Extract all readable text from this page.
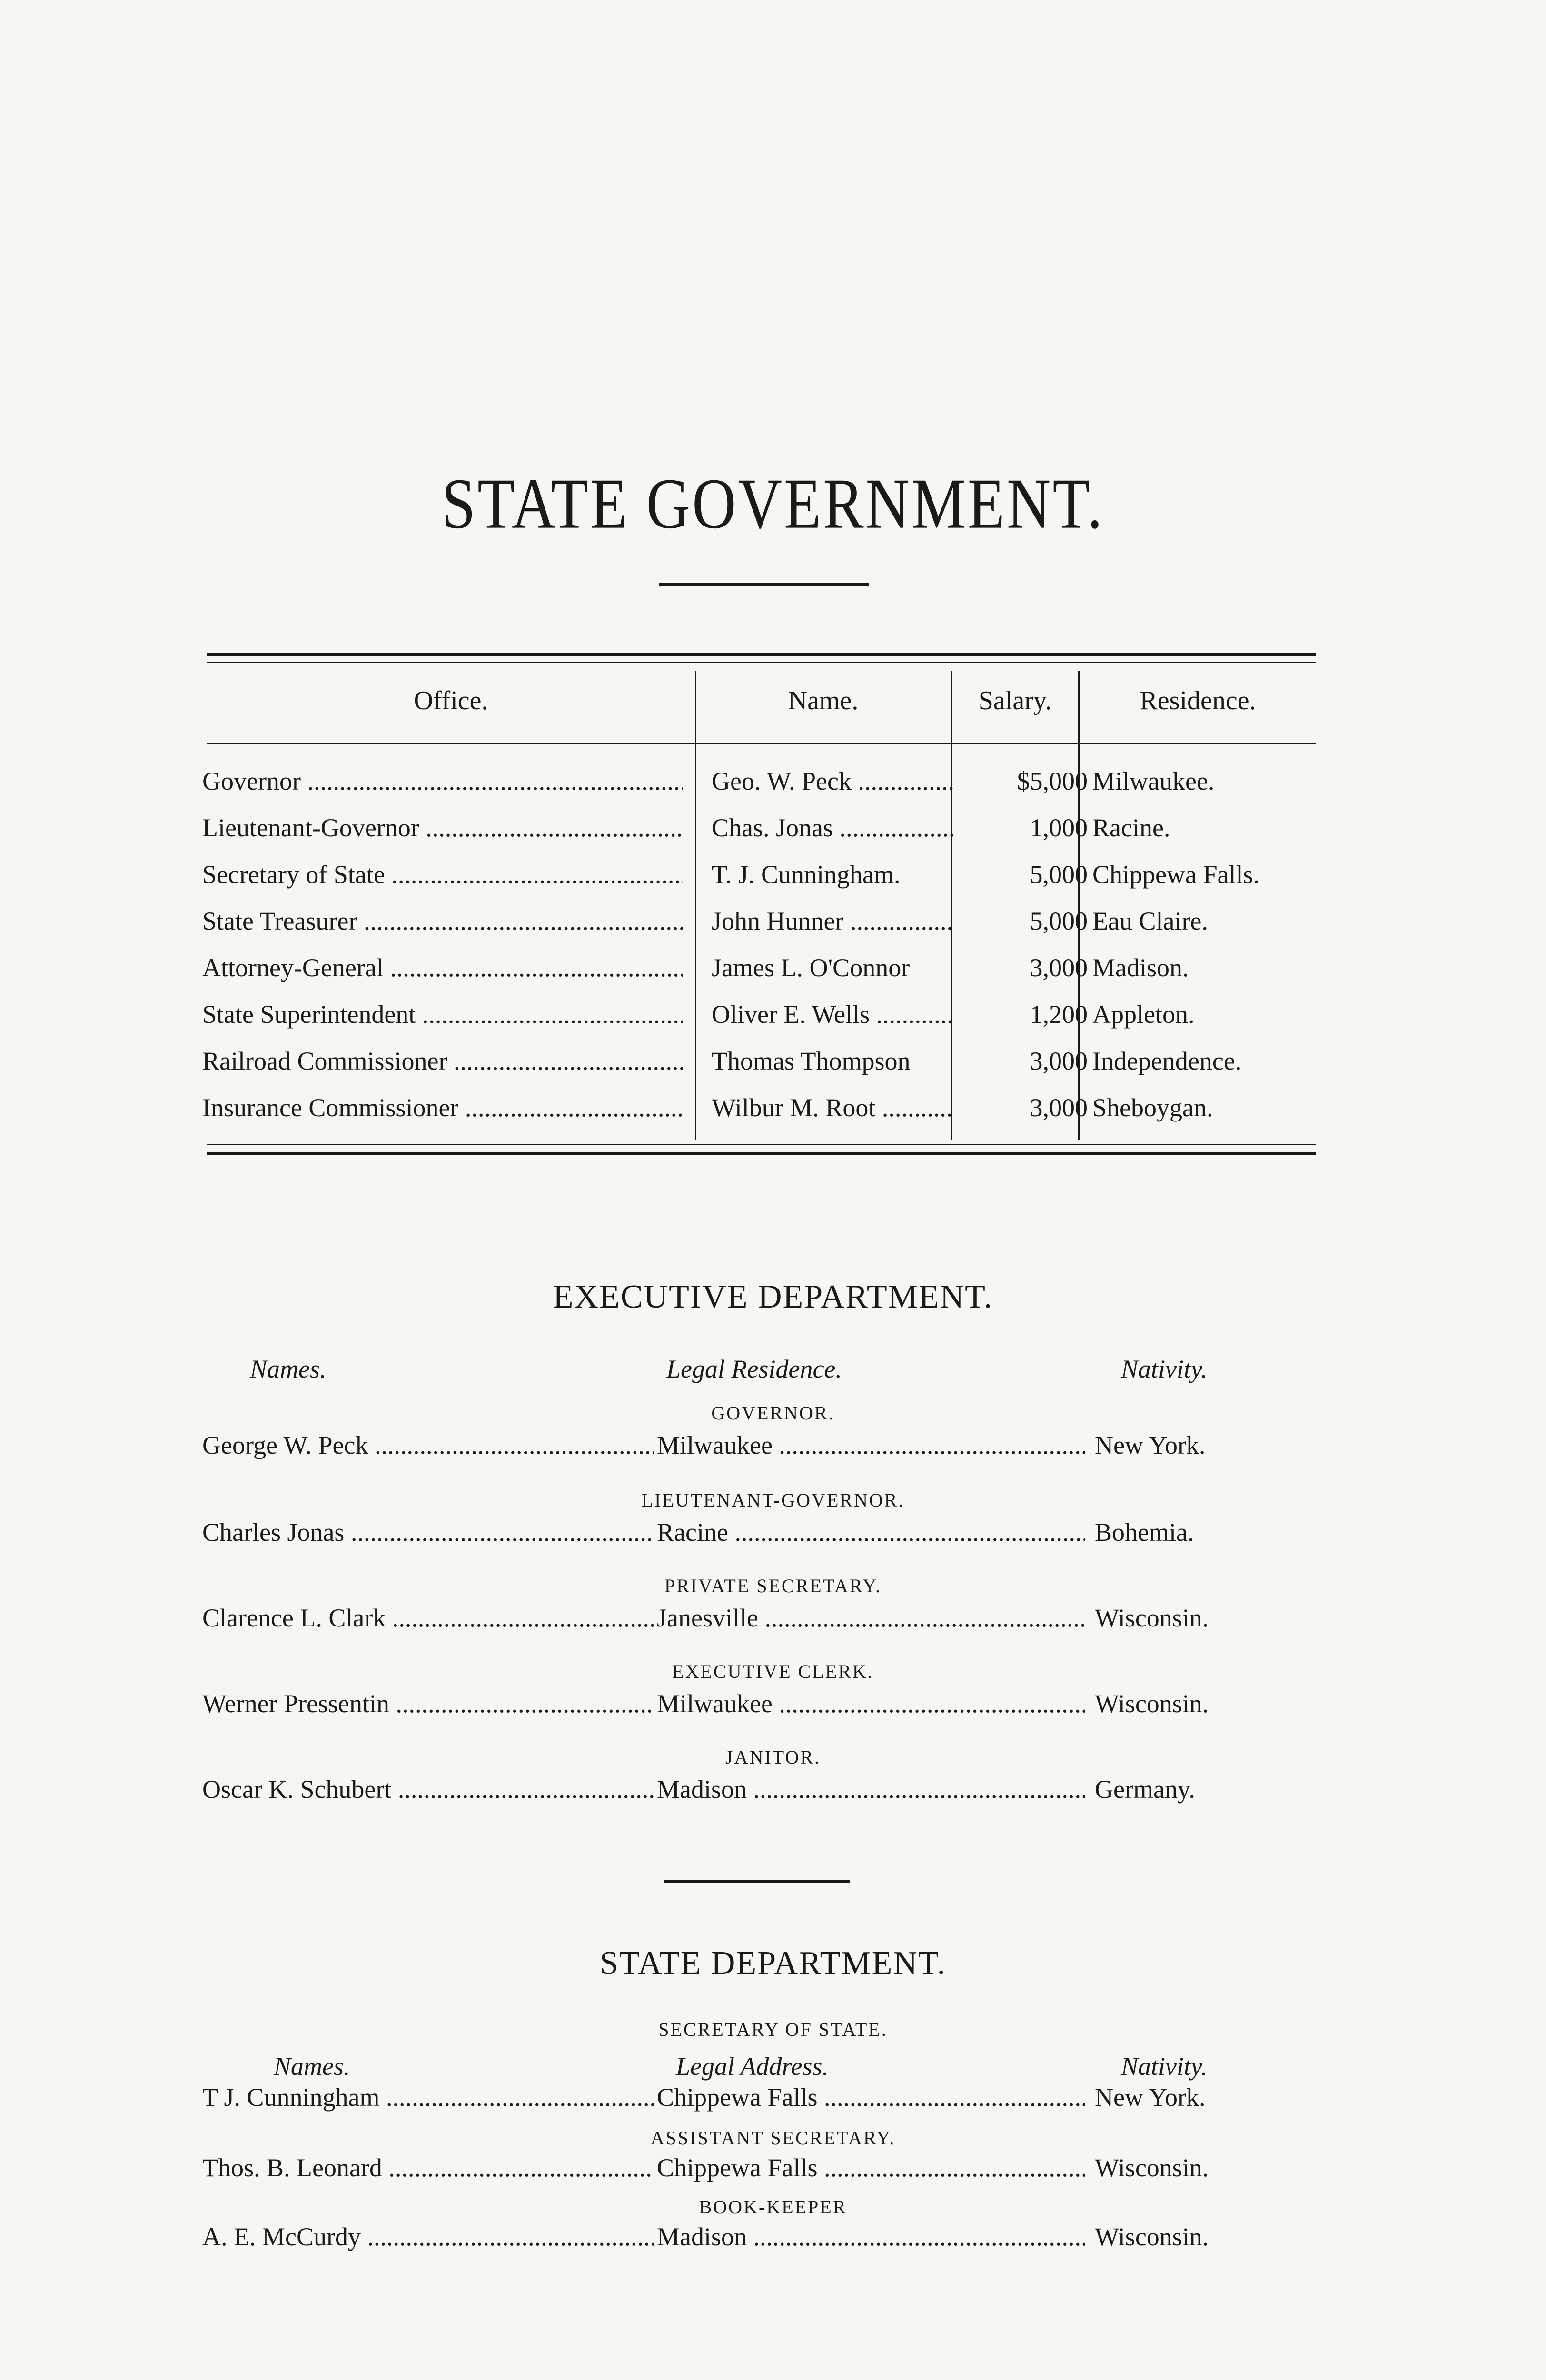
STATE GOVERNMENT.
Office.	Name.	Salary.	Residence.
Governor .....	Geo. W. Peck .....	$5,000 Milwaukee.
Lieutenant-Governor .....	Chas. Jonas .....	1,000 Racine.
Secretary of State .....	T. J. Cunningham.	5,000 Chippewa Falls.
State Treasurer .....	John Hunner .....	5,000 Eau Claire.
Attorney-General .....	James L. O'Connor	3,000 Madison.
State Superintendent .....	Oliver E. Wells .....	1,200 Appleton.
Railroad Commissioner .....	Thomas Thompson	3,000 Independence.
Insurance Commissioner .....	Wilbur M. Root .....	3,000 Sheboygan.
EXECUTIVE DEPARTMENT.
Names.	Legal Residence.	Nativity.
GOVERNOR.
George W. Peck .....	Milwaukee .....	New York.
LIEUTENANT-GOVERNOR.
Charles Jonas .....	Racine .....	Bohemia.
PRIVATE SECRETARY.
Clarence L. Clark .....	Janesville .....	Wisconsin.
EXECUTIVE CLERK.
Werner Pressentin .....	Milwaukee .....	Wisconsin.
JANITOR.
Oscar K. Schubert .....	Madison .....	Germany.
STATE DEPARTMENT.
SECRETARY OF STATE.
Names.	Legal Address.	Nativity.
T J. Cunningham .....	Chippewa Falls .....	New York.
ASSISTANT SECRETARY.
Thos. B. Leonard .....	Chippewa Falls .....	Wisconsin.
BOOK-KEEPER
A. E. McCurdy .....	Madison .....	Wisconsin.
